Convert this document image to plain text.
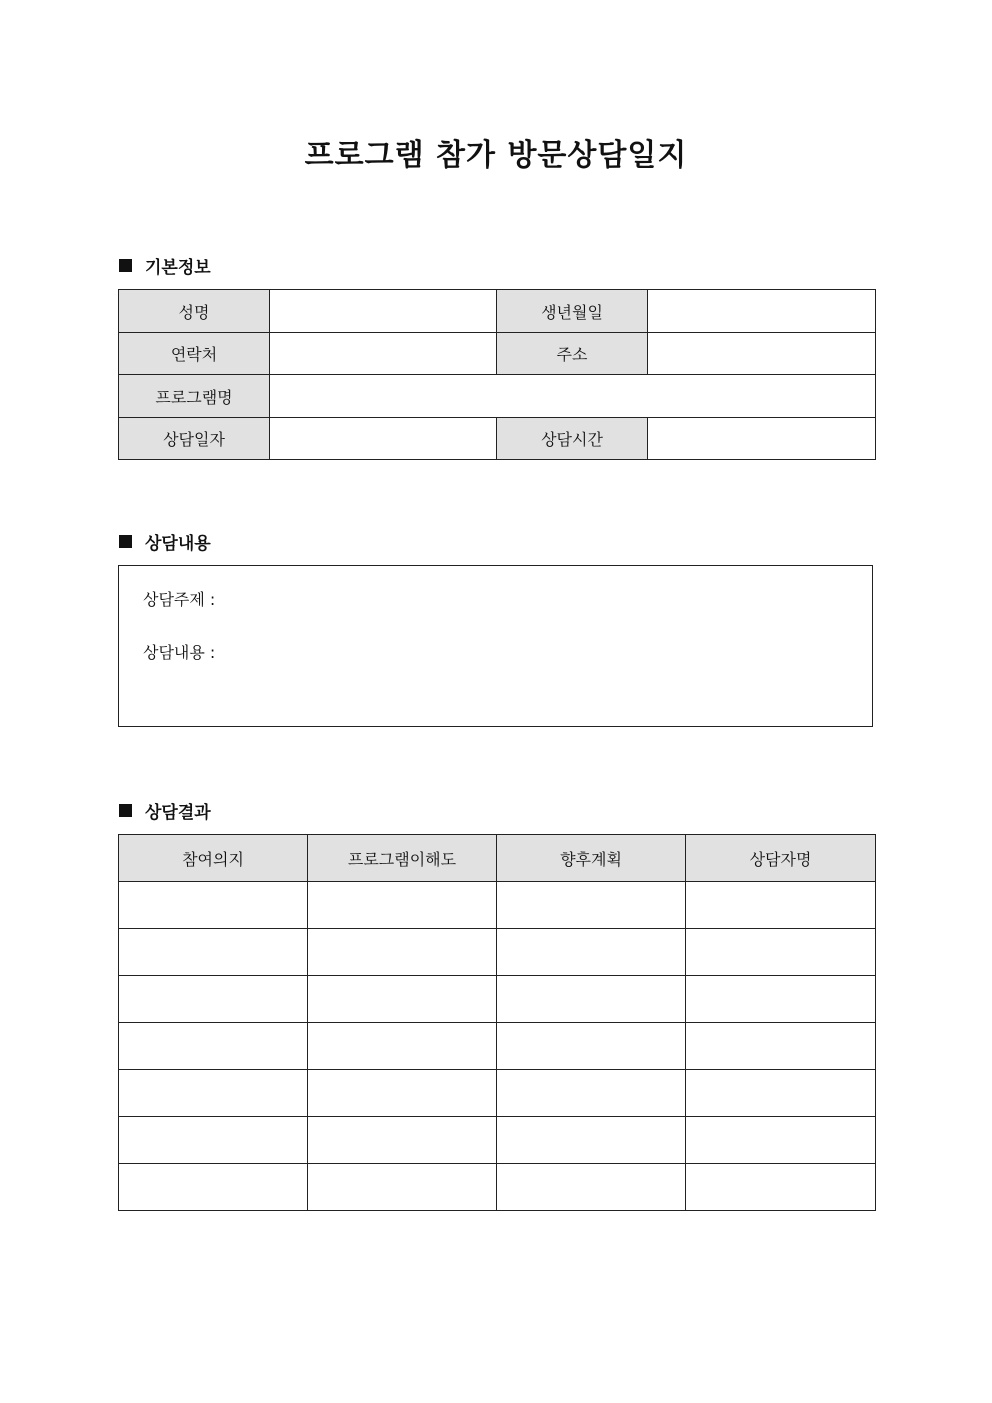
프로그램 참가 방문상담일지
기본정보
성명		생년월일	
연락처		주소	
프로그램명			
상담일자		상담시간	
상담내용
상담주제 :
상담내용 :
상담결과
참여의지	프로그램이해도	향후계획	상담자명
